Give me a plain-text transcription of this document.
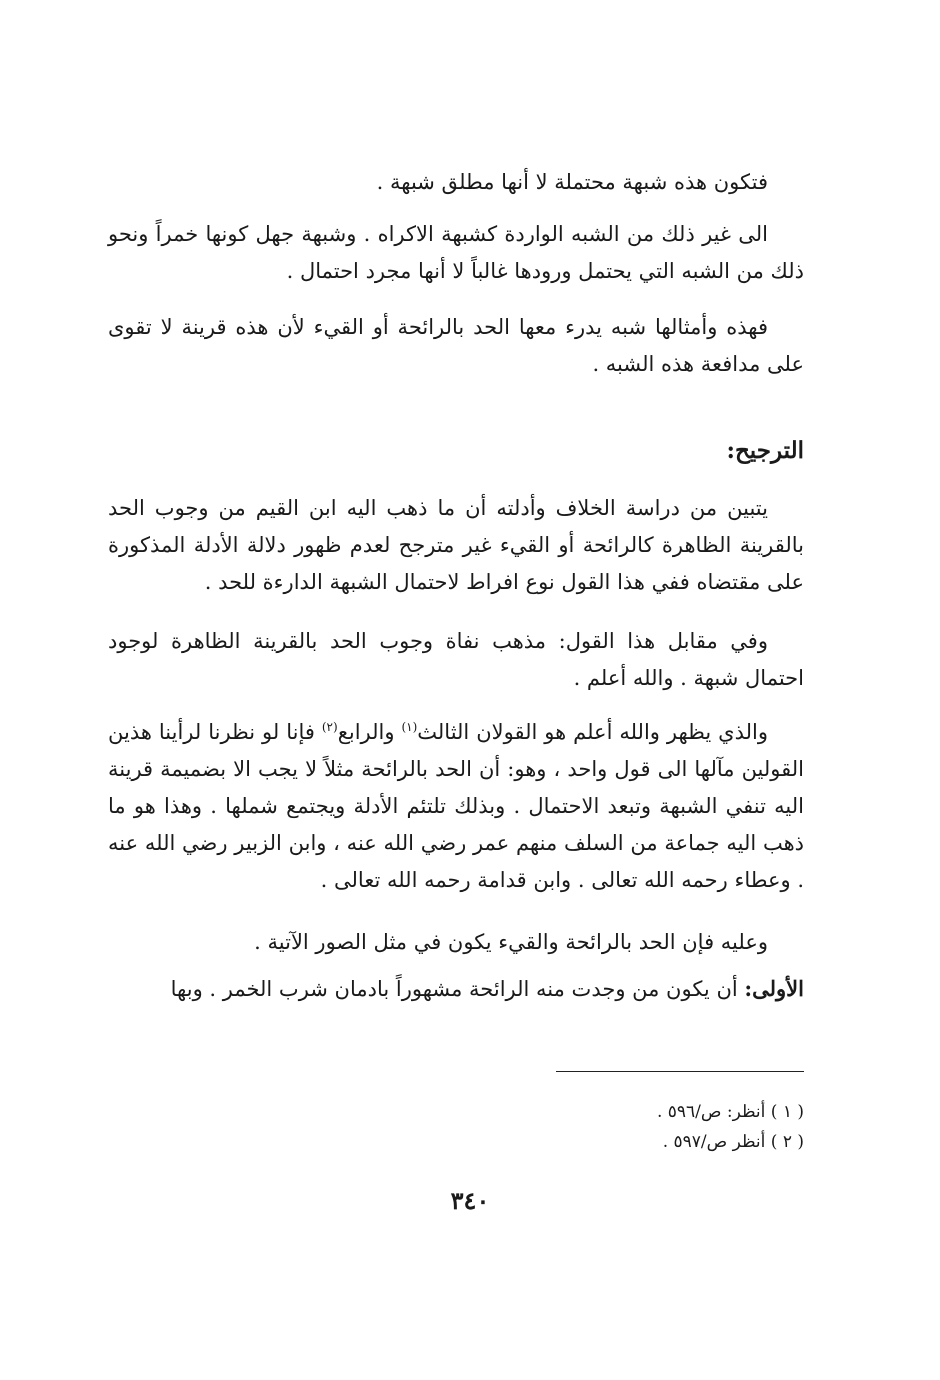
فتكون هذه شبهة محتملة لا أنها مطلق شبهة .
الى غير ذلك من الشبه الواردة كشبهة الاكراه . وشبهة جهل كونها خمراً ونحو ذلك من الشبه التي يحتمل ورودها غالباً لا أنها مجرد احتمال .
فهذه وأمثالها شبه يدرء معها الحد بالرائحة أو القيء لأن هذه قرينة لا تقوى على مدافعة هذه الشبه .
الترجيح:
يتبين من دراسة الخلاف وأدلته أن ما ذهب اليه ابن القيم من وجوب الحد بالقرينة الظاهرة كالرائحة أو القيء غير مترجح لعدم ظهور دلالة الأدلة المذكورة على مقتضاه ففي هذا القول نوع افراط لاحتمال الشبهة الدارءة للحد .
وفي مقابل هذا القول: مذهب نفاة وجوب الحد بالقرينة الظاهرة لوجود احتمال شبهة . والله أعلم .
والذي يظهر والله أعلم هو القولان الثالث$^{(١)}$ والرابع$^{(٢)}$ فإنا لو نظرنا لرأينا هذين القولين مآلها الى قول واحد ، وهو: أن الحد بالرائحة مثلاً لا يجب الا بضميمة قرينة اليه تنفي الشبهة وتبعد الاحتمال . وبذلك تلتئم الأدلة ويجتمع شملها . وهذا هو ما ذهب اليه جماعة من السلف منهم عمر رضي الله عنه ، وابن الزبير رضي الله عنه . وعطاء رحمه الله تعالى . وابن قدامة رحمه الله تعالى .
وعليه فإن الحد بالرائحة والقيء يكون في مثل الصور الآتية .
الأولى: أن يكون من وجدت منه الرائحة مشهوراً بادمان شرب الخمر . وبها
( ١ ) أنظر: ص/٥٩٦ .
( ٢ ) أنظر ص/٥٩٧ .
٣٤٠
